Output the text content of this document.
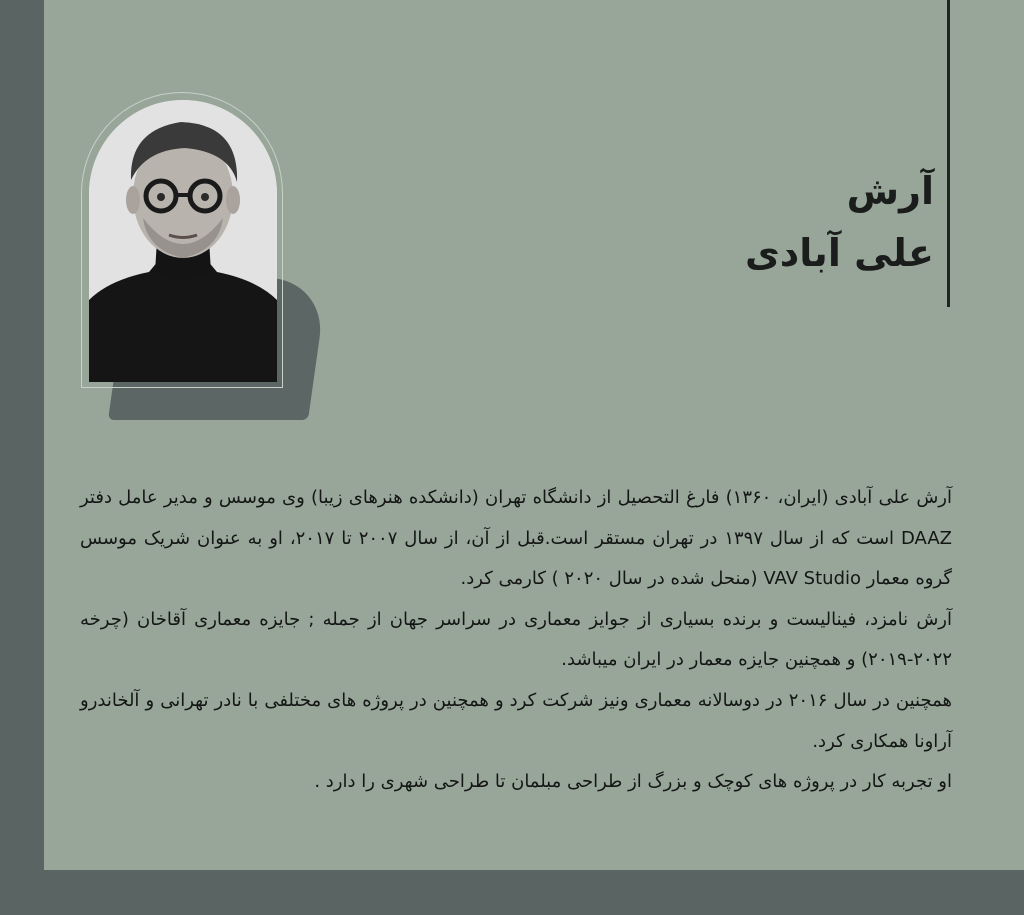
آرش
علی آبادی

آرش علی آبادی (ایران، ۱۳۶۰) فارغ التحصیل از دانشگاه تهران (دانشکده هنرهای زیبا) وی موسس و مدیر عامل دفتر DAAZ است که از سال ۱۳۹۷ در تهران مستقر است.قبل از آن، از سال ۲۰۰۷ تا ۲۰۱۷، او به عنوان شریک موسس گروه معمار VAV Studio (منحل شده در سال ۲۰۲۰ ) کارمی کرد.

آرش نامزد، فینالیست و برنده بسیاری از جوایز معماری در سراسر جهان از جمله ; جایزه معماری آقاخان (چرخه ۲۰۲۲-۲۰۱۹) و همچنین جایزه معمار در ایران میباشد.

همچنین در سال ۲۰۱۶ در دوسالانه معماری ونیز شرکت کرد و همچنین در پروژه های مختلفی با نادر تهرانی و آلخاندرو آراونا همکاری کرد.

او تجربه کار در پروژه های کوچک و بزرگ از طراحی مبلمان تا طراحی شهری را دارد .
